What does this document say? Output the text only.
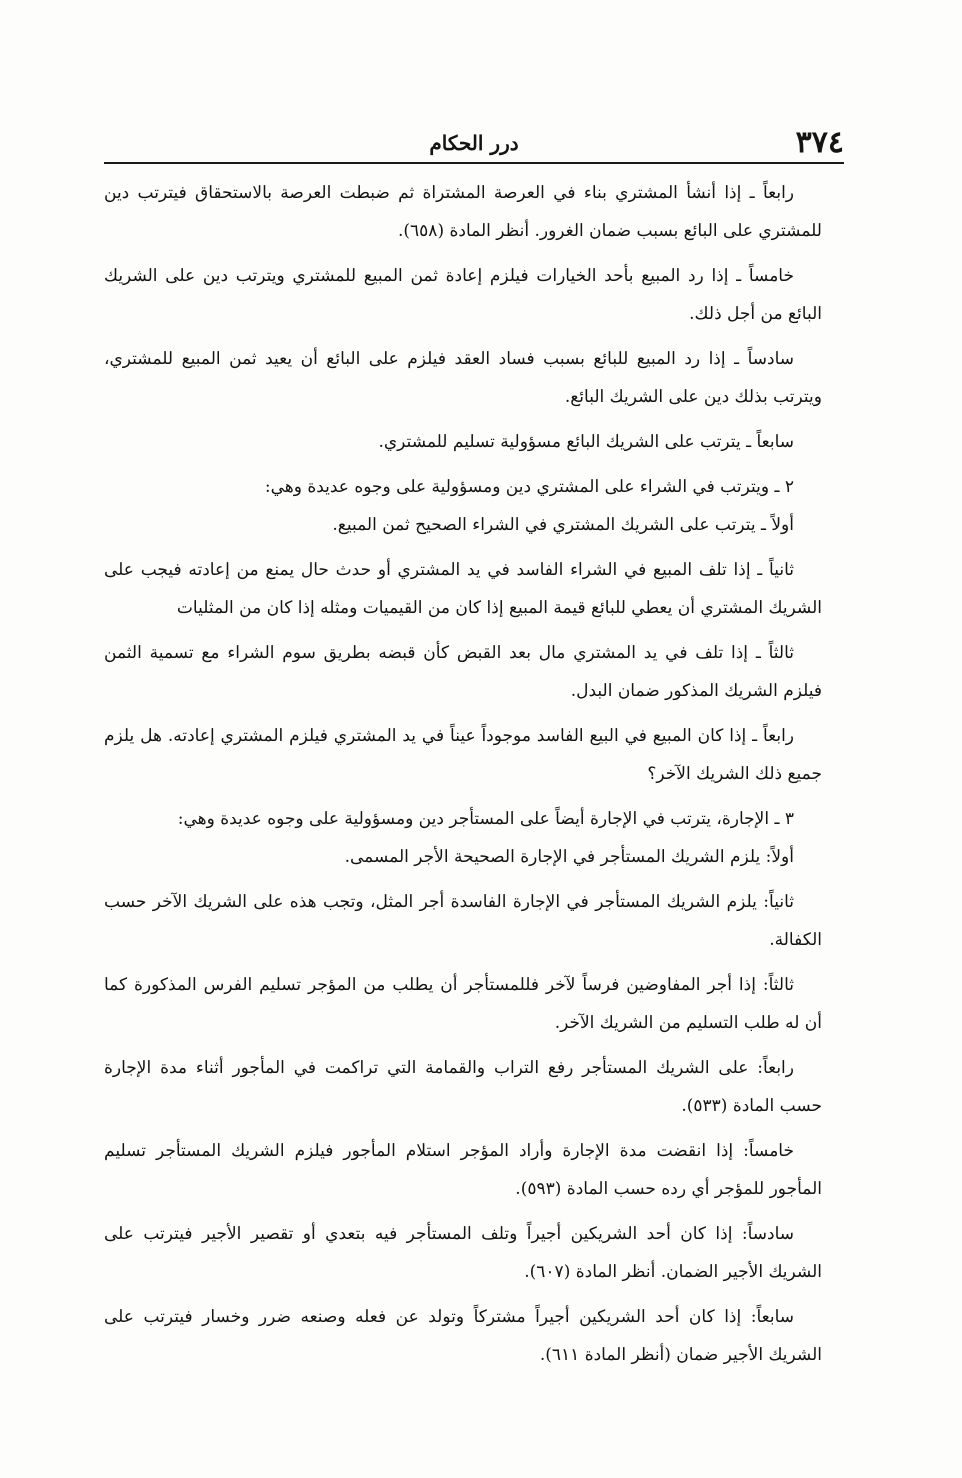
٣٧٤
درر الحكام

رابعاً ـ إذا أنشأ المشتري بناء في العرصة المشتراة ثم ضبطت العرصة بالاستحقاق فيترتب دين للمشتري على البائع بسبب ضمان الغرور. أنظر المادة (٦٥٨).

خامساً ـ إذا رد المبيع بأحد الخيارات فيلزم إعادة ثمن المبيع للمشتري ويترتب دين على الشريك البائع من أجل ذلك.

سادساً ـ إذا رد المبيع للبائع بسبب فساد العقد فيلزم على البائع أن يعيد ثمن المبيع للمشتري، ويترتب بذلك دين على الشريك البائع.

سابعاً ـ يترتب على الشريك البائع مسؤولية تسليم للمشتري.

٢ ـ ويترتب في الشراء على المشتري دين ومسؤولية على وجوه عديدة وهي:

أولاً ـ يترتب على الشريك المشتري في الشراء الصحيح ثمن المبيع.

ثانياً ـ إذا تلف المبيع في الشراء الفاسد في يد المشتري أو حدث حال يمنع من إعادته فيجب على الشريك المشتري أن يعطي للبائع قيمة المبيع إذا كان من القيميات ومثله إذا كان من المثليات

ثالثاً ـ إذا تلف في يد المشتري مال بعد القبض كأن قبضه بطريق سوم الشراء مع تسمية الثمن فيلزم الشريك المذكور ضمان البدل.

رابعاً ـ إذا كان المبيع في البيع الفاسد موجوداً عيناً في يد المشتري فيلزم المشتري إعادته. هل يلزم جميع ذلك الشريك الآخر؟

٣ ـ الإجارة، يترتب في الإجارة أيضاً على المستأجر دين ومسؤولية على وجوه عديدة وهي:

أولاً: يلزم الشريك المستأجر في الإجارة الصحيحة الأجر المسمى.

ثانياً: يلزم الشريك المستأجر في الإجارة الفاسدة أجر المثل، وتجب هذه على الشريك الآخر حسب الكفالة.

ثالثاً: إذا أجر المفاوضين فرساً لآخر فللمستأجر أن يطلب من المؤجر تسليم الفرس المذكورة كما أن له طلب التسليم من الشريك الآخر.

رابعاً: على الشريك المستأجر رفع التراب والقمامة التي تراكمت في المأجور أثناء مدة الإجارة حسب المادة (٥٣٣).

خامساً: إذا انقضت مدة الإجارة وأراد المؤجر استلام المأجور فيلزم الشريك المستأجر تسليم المأجور للمؤجر أي رده حسب المادة (٥٩٣).

سادساً: إذا كان أحد الشريكين أجيراً وتلف المستأجر فيه بتعدي أو تقصير الأجير فيترتب على الشريك الأجير الضمان. أنظر المادة (٦٠٧).

سابعاً: إذا كان أحد الشريكين أجيراً مشتركاً وتولد عن فعله وصنعه ضرر وخسار فيترتب على الشريك الأجير ضمان (أنظر المادة ٦١١).
